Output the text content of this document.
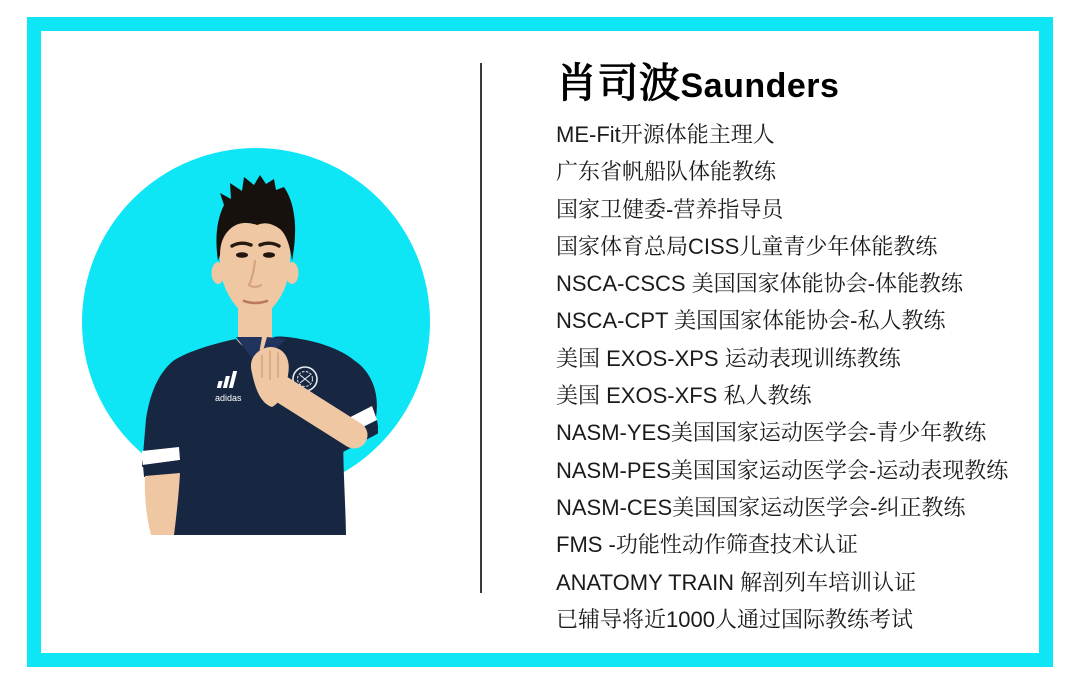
adidas
肖司波Saunders
ME-Fit开源体能主理人
广东省帆船队体能教练
国家卫健委-营养指导员
国家体育总局CISS儿童青少年体能教练
NSCA-CSCS 美国国家体能协会-体能教练
NSCA-CPT 美国国家体能协会-私人教练
美国 EXOS-XPS 运动表现训练教练
美国 EXOS-XFS 私人教练
NASM-YES美国国家运动医学会-青少年教练
NASM-PES美国国家运动医学会-运动表现教练
NASM-CES美国国家运动医学会-纠正教练
FMS -功能性动作筛查技术认证
ANATOMY TRAIN 解剖列车培训认证
已辅导将近1000人通过国际教练考试
